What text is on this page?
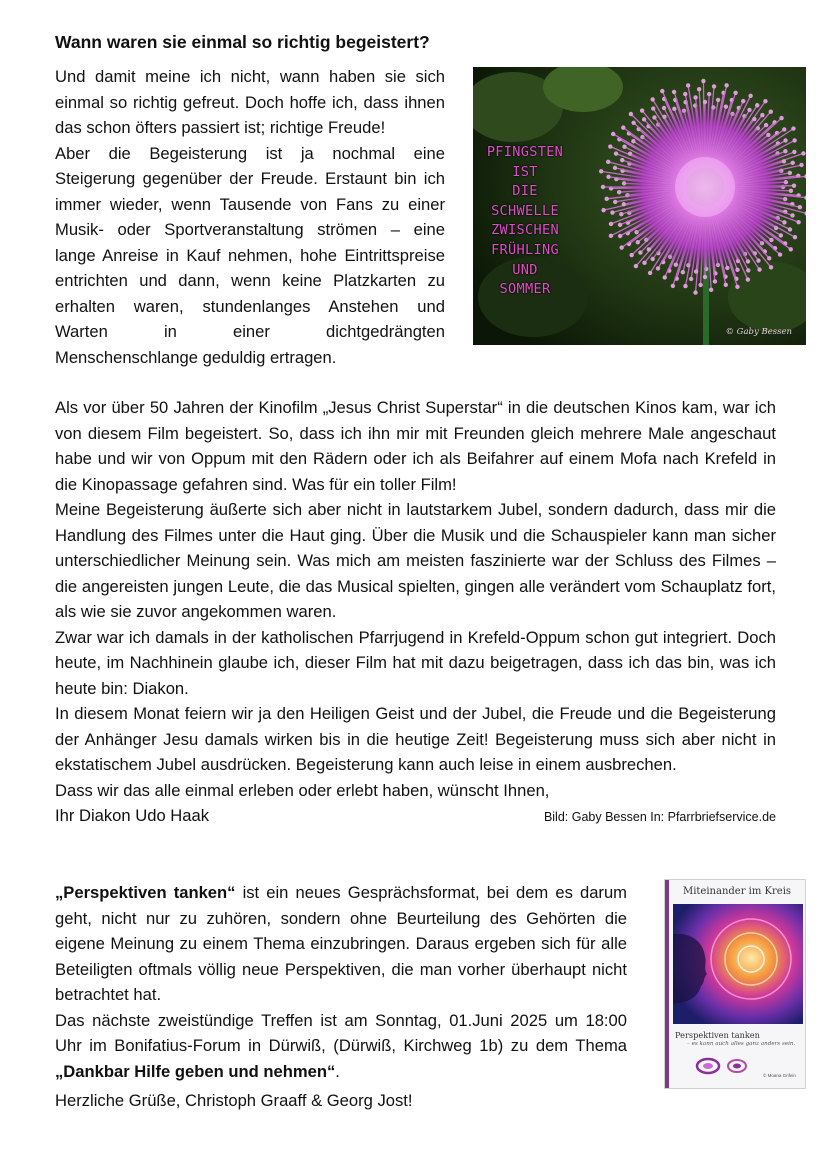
Wann waren sie einmal so richtig begeistert?

Und damit meine ich nicht, wann haben sie sich einmal so richtig gefreut. Doch hoffe ich, dass ihnen das schon öfters passiert ist; richtige Freude!

Aber die Begeisterung ist ja nochmal eine Steigerung gegenüber der Freude. Erstaunt bin ich immer wieder, wenn Tausende von Fans zu einer Musik- oder Sportveranstaltung strömen – eine lange Anreise in Kauf nehmen, hohe Eintrittspreise entrichten und dann, wenn keine Platzkarten zu erhalten waren, stundenlanges Anstehen und Warten in einer dichtgedrängten

Menschenschlange geduldig ertragen.

PFINGSTEN
IST
DIE
SCHWELLE
ZWISCHEN
FRÜHLING
UND
SOMMER
© Gaby Bessen

Als vor über 50 Jahren der Kinofilm „Jesus Christ Superstar“ in die deutschen Kinos kam, war ich von diesem Film begeistert. So, dass ich ihn mir mit Freunden gleich mehrere Male angeschaut habe und wir von Oppum mit den Rädern oder ich als Beifahrer auf einem Mofa nach Krefeld in die Kinopassage gefahren sind. Was für ein toller Film!

Meine Begeisterung äußerte sich aber nicht in lautstarkem Jubel, sondern dadurch, dass mir die Handlung des Filmes unter die Haut ging. Über die Musik und die Schauspieler kann man sicher unterschiedlicher Meinung sein. Was mich am meisten faszinierte war der Schluss des Filmes – die angereisten jungen Leute, die das Musical spielten, gingen alle verändert vom Schauplatz fort, als wie sie zuvor angekommen waren.

Zwar war ich damals in der katholischen Pfarrjugend in Krefeld-Oppum schon gut integriert. Doch heute, im Nachhinein glaube ich, dieser Film hat mit dazu beigetragen, dass ich das bin, was ich heute bin: Diakon.

In diesem Monat feiern wir ja den Heiligen Geist und der Jubel, die Freude und die Begeisterung der Anhänger Jesu damals wirken bis in die heutige Zeit! Begeisterung muss sich aber nicht in ekstatischem Jubel ausdrücken. Begeisterung kann auch leise in einem ausbrechen.

Dass wir das alle einmal erleben oder erlebt haben, wünscht Ihnen,

Ihr Diakon Udo Haak	Bild: Gaby Bessen In: Pfarrbriefservice.de

„Perspektiven tanken“ ist ein neues Gesprächsformat, bei dem es darum geht, nicht nur zu zuhören, sondern ohne Beurteilung des Gehörten die eigene Meinung zu einem Thema einzubringen. Daraus ergeben sich für alle Beteiligten oftmals völlig neue Perspektiven, die man vorher überhaupt nicht betrachtet hat.

Das nächste zweistündige Treffen ist am Sonntag, 01.Juni 2025 um 18:00 Uhr im Bonifatius-Forum in Dürwiß, (Dürwiß, Kirchweg 1b) zu dem Thema „Dankbar Hilfe geben und nehmen“.

Herzliche Grüße, Christoph Graaff & Georg Jost!

Miteinander im Kreis
Perspektiven tanken
– es kann auch alles ganz anders sein.
© Moana Grifein
